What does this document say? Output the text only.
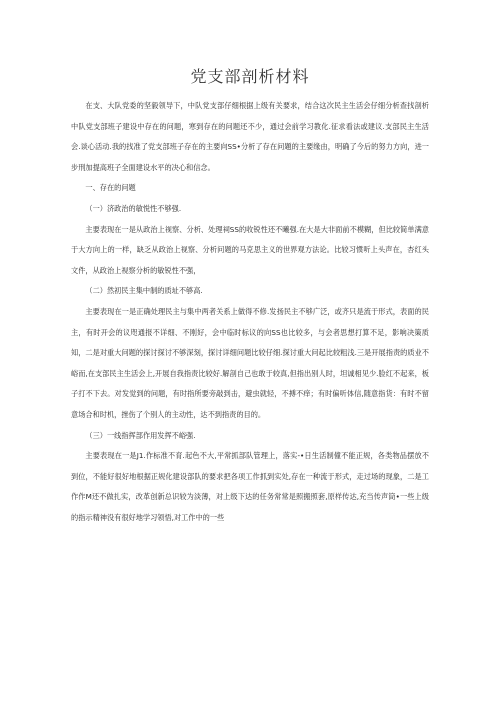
党支部剖析材料

在支、大队党委的坚毅领导下，中队党支部仔细根据上级有关要求，结合这次民主生活会仔细分析查找剖析中队党支部班子建设中存在的问题，寒到存在的问题还不少，通过会前学习教化.征求看法或建议.支部民主生活会.谈心活动.我的找准了党支部班子存在的主要向SS•分析了存在问題的主要缘由，明确了今后的努力方向，进一步刑加提高班子全面建设水平的决心和信念。

一、存在的问题

（一）济政治的敏悦性不够强.

主要表现在一是从政治上视察、分析、处理祠SS的收锐性还不曦强.在大是大非面前不模糊，但比较简单满意于大方向上的一样，缺乏从政治上视察、分析问题的马克思主义的世界观方法论。比较习惯听上头声在，杏红头文件，从政治上视察分析的敏锐性不强，

（二）然初民主集中制的质址不够高.

主要表现在一是正确处理民主与集中两者关系上做得不修.发扬民主不够广泛，或齐只是流于形式，表面的民主，有时开会的议咫通报不详细、不刚好，会中临时标议的向SS也比较多，与会者思想打算不足，影响决策质知，二是对重大问题的探讨探讨不够深刻，探讨详细问题比较仔细.探讨重大问起比较粗浅.三是开展指责的质业不峪而,在支部民主生活会上,开展自我指责比较好.解剖自己也敢于较真,但指出别人时，坦诚相见少.脸红不起来，板子打不下去。对发觉到的问题，有时指所要旁敲到击，避虫就轻，不搏不痒；有时偏听体信,随意指货：有时不留意场合和时机，挫伤了个别人的主动性，达不到指责的目的。

（三）一线指挥部作用发挥不峪强.

主要表现在一是J1.作标准不育.起色不大,平常抓部队管理上，落实-•日生活制僮不能正规，各类物品摆放不到位，不能好很好地根据正规化建设部队的要求把各项工作抓到实处,存在一种流于形式，走过场的现象，二是工作作M还不做扎实，改革创新总识较为淡薄，对上级下达的任务常常是照搬照套,原样传达,充当传声筒•一些上级的指示精神没有很好地学习领悟,对工作中的一些
